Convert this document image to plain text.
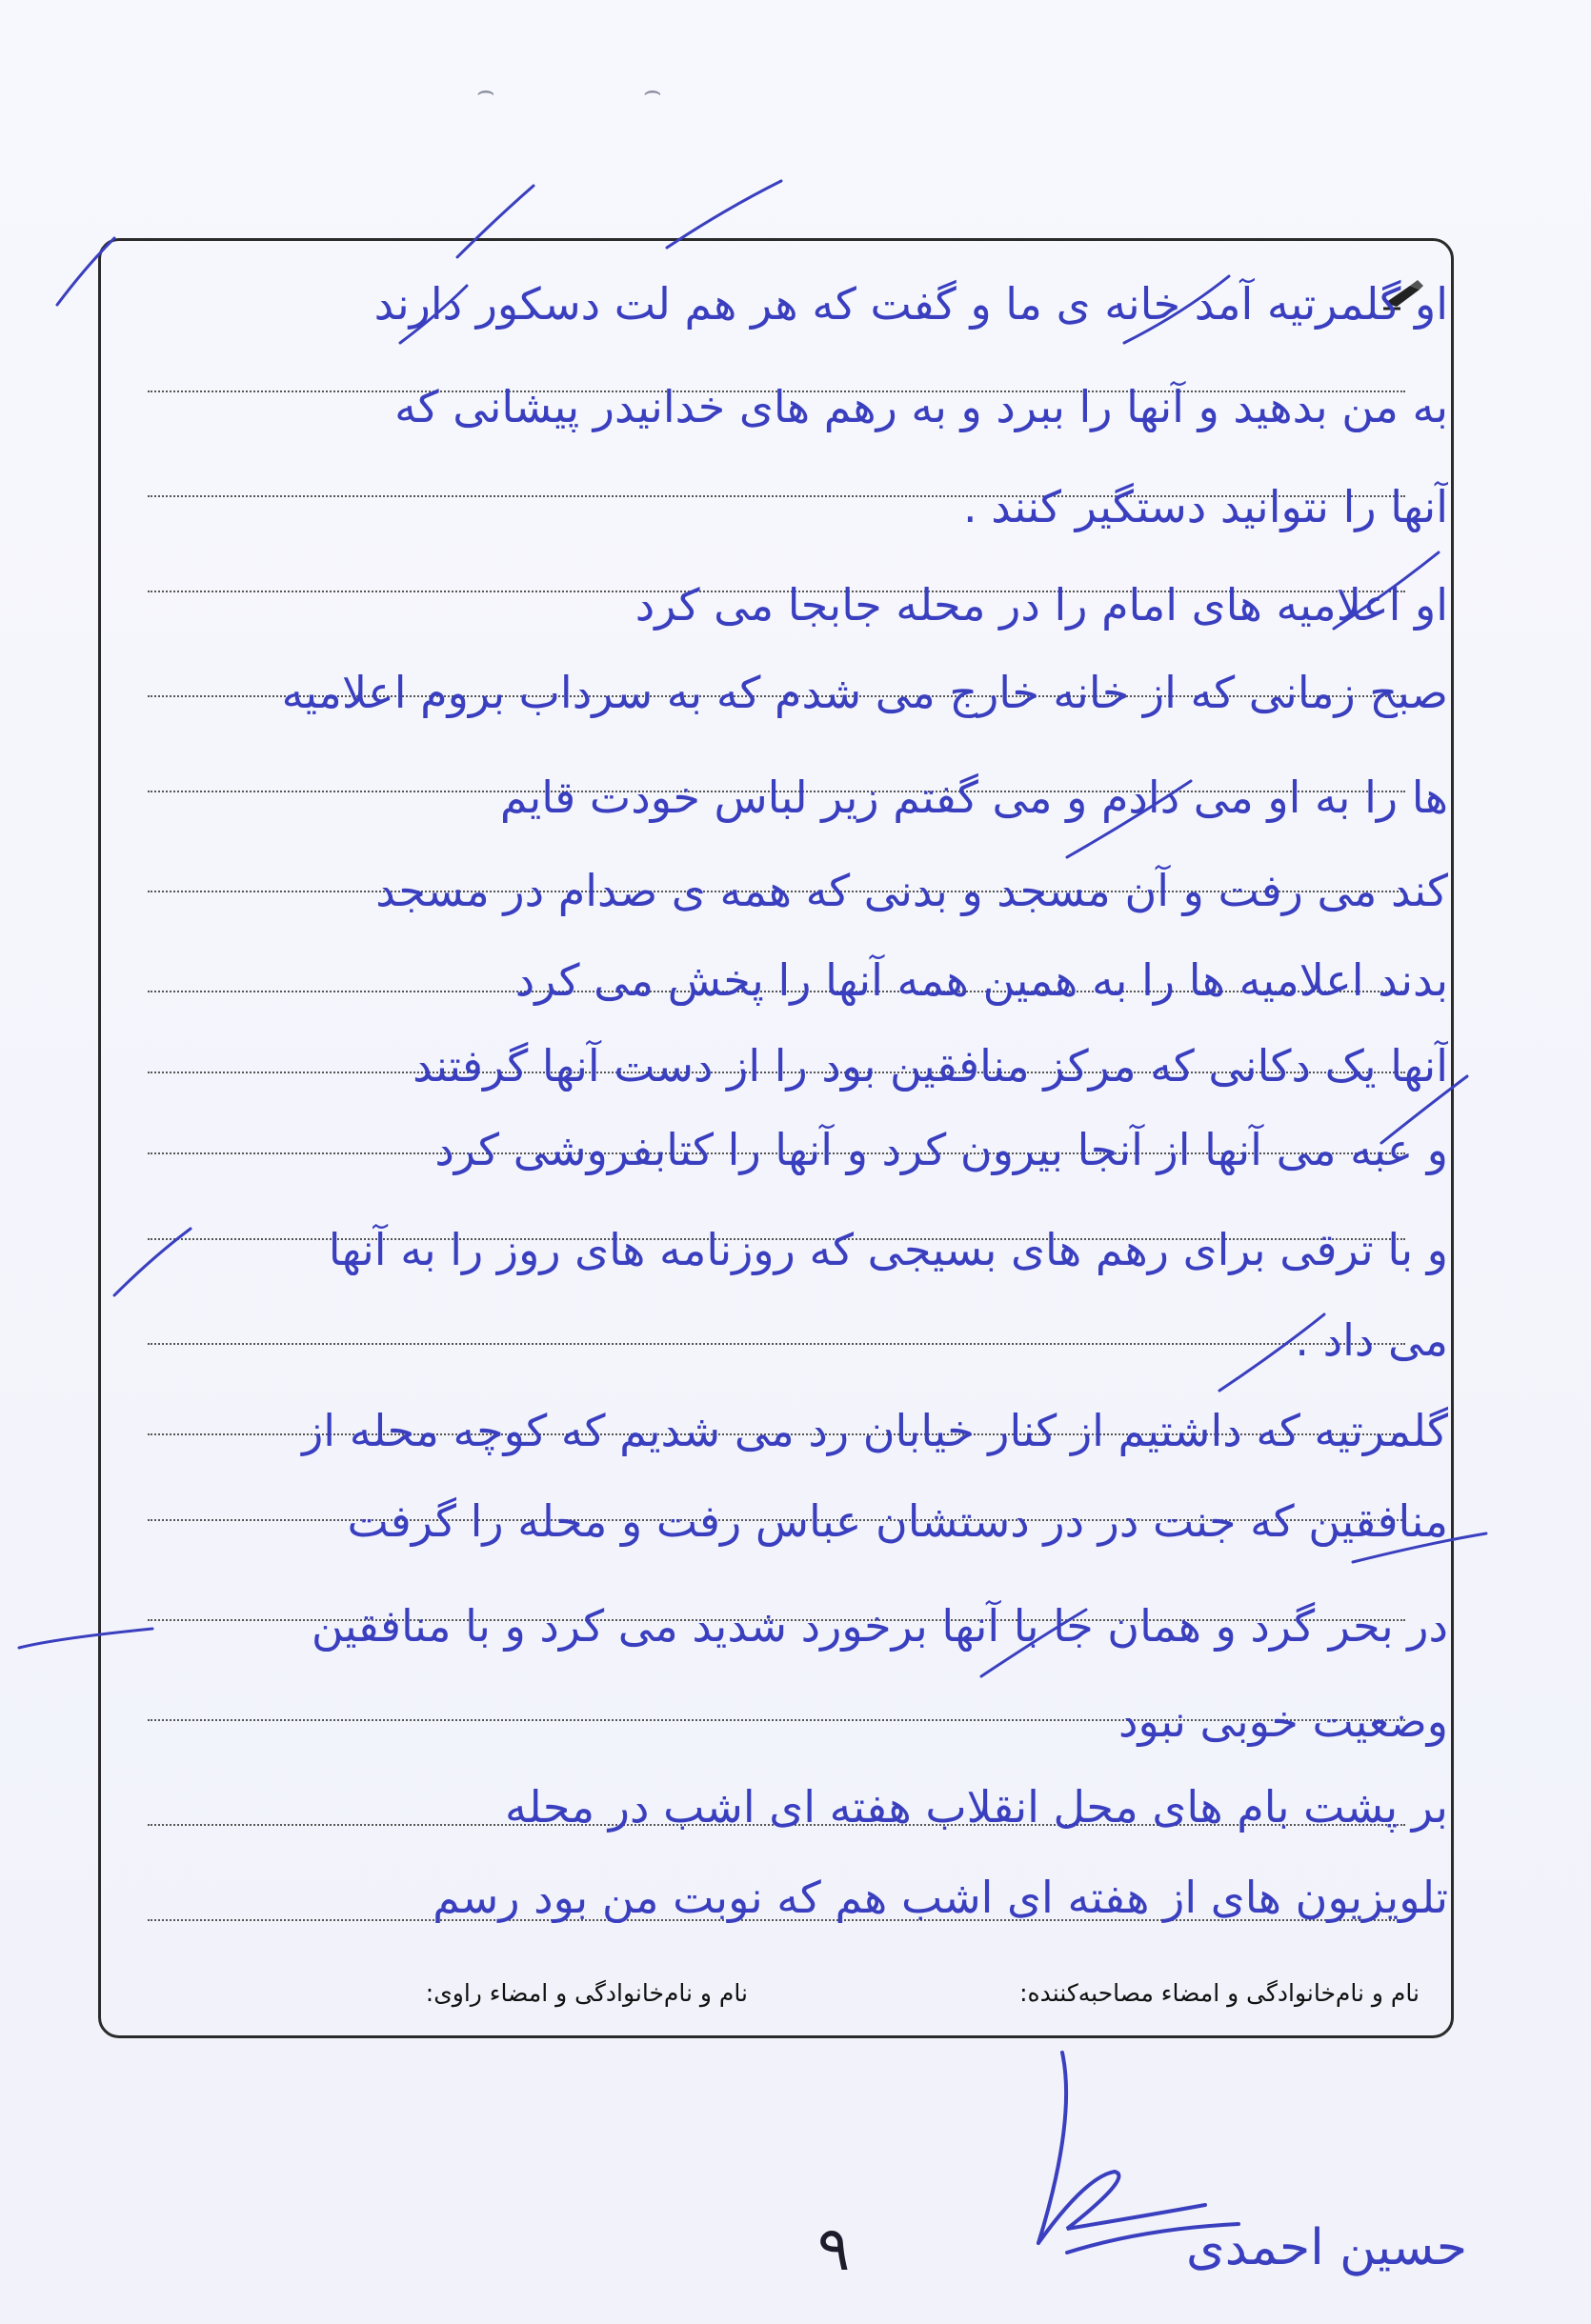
⌢	⌢
او گلمرتیه آمد خانه ی ما و گفت که هر هم لت دسکور دارند
به من بدهید و آنها را ببرد و به رهم های خدانیدر پیشانی که
آنها را نتوانید دستگیر کنند .
او اعلامیه های امام را در محله جابجا می کرد
صبح زمانی که از خانه خارج می شدم که به سرداب بروم اعلامیه
ها را به او می دادم و می گفتم زیر لباس خودت قایم
کند می رفت و آن مسجد و بدنی که همه ی صدام در مسجد
بدند اعلامیه ها را به همین همه آنها را پخش می کرد
آنها یک دکانی که مرکز منافقین بود را از دست آنها گرفتند
و عبه می آنها از آنجا بیرون کرد و آنها را کتابفروشی کرد
و با ترقی برای رهم های بسیجی که روزنامه های روز را به آنها
می داد .
گلمرتیه که داشتیم از کنار خیابان رد می شدیم که کوچه محله از
منافقین که جنت در در دستشان عباس رفت و محله را گرفت
در بحر گرد و همان جا با آنها برخورد شدید می کرد و با منافقین
وضعیت خوبی نبود
بر پشت بام های محل انقلاب هفته ای اشب در محله
تلویزیون های از هفته ای اشب هم که نوبت من بود رسم
نام و نام‌خانوادگی و امضاء مصاحبه‌کننده:
نام و نام‌خانوادگی و امضاء راوی:
حسین احمدی
۹
